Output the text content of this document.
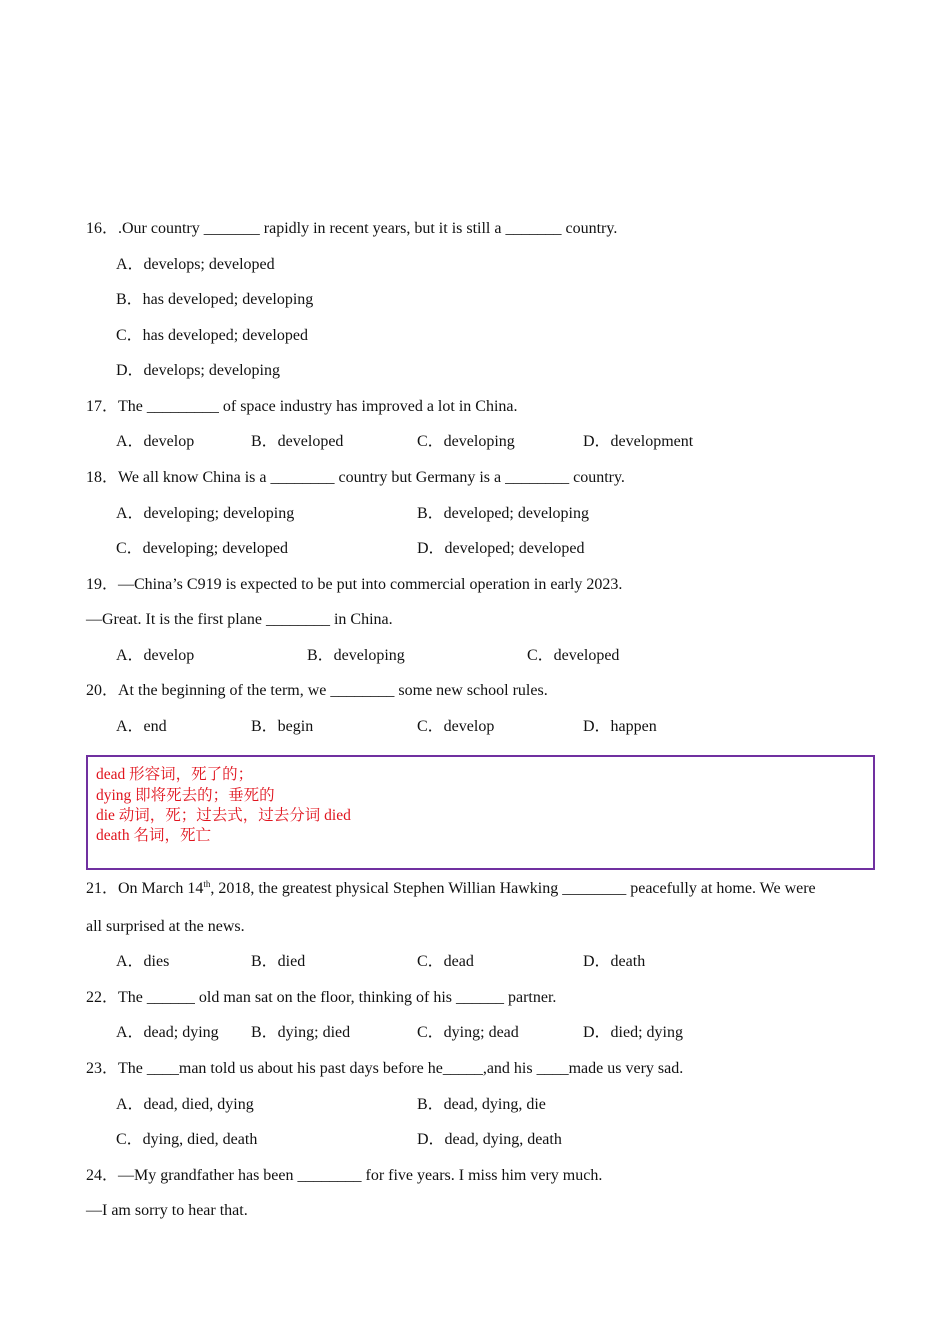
16．.Our country _______ rapidly in recent years, but it is still a _______ country.
A．develops; developed
B．has developed; developing
C．has developed; developed
D．develops; developing
17．The _________ of space industry has improved a lot in China.
A．develop	B．developed	C．developing	D．development
18．We all know China is a ________ country but Germany is a ________ country.
A．developing; developing	B．developed; developing
C．developing; developed	D．developed; developed
19．—China’s C919 is expected to be put into commercial operation in early 2023.
—Great. It is the first plane ________ in China.
A．develop	B．developing	C．developed
20．At the beginning of the term, we ________ some new school rules.
A．end	B．begin	C．develop	D．happen
dead 形容词，死了的；
dying 即将死去的；垂死的
die 动词，死；过去式，过去分词 died
death 名词，死亡
21．On March 14th, 2018, the greatest physical Stephen Willian Hawking ________ peacefully at home. We were
all surprised at the news.
A．dies	B．died	C．dead	D．death
22．The ______ old man sat on the floor, thinking of his ______ partner.
A．dead; dying B．dying; died	C．dying; dead	D．died; dying
23．The ____man told us about his past days before he_____,and his ____made us very sad.
A．dead, died, dying	B．dead, dying, die
C．dying, died, death	D．dead, dying, death
24．—My grandfather has been ________ for five years. I miss him very much.
—I am sorry to hear that.
